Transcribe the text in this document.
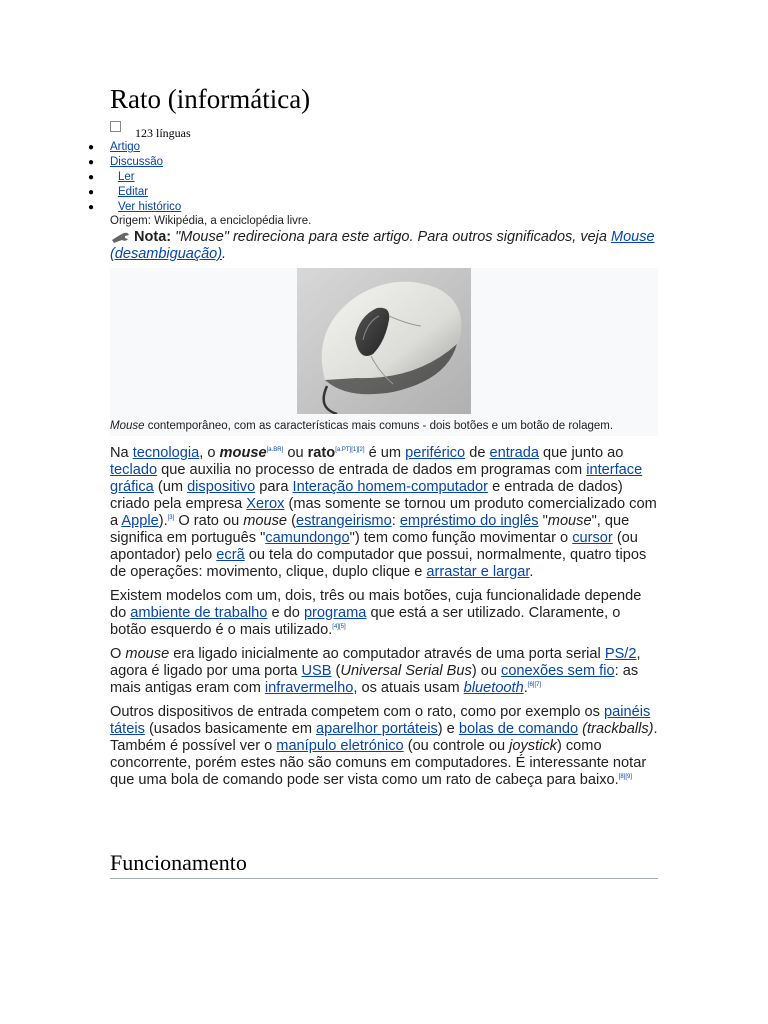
Rato (informática)
123 línguas
● Artigo
● Discussão
● Ler
● Editar
● Ver histórico
Origem: Wikipédia, a enciclopédia livre.
Nota: "Mouse" redireciona para este artigo. Para outros significados, veja Mouse (desambiguação).
Mouse contemporâneo, com as características mais comuns - dois botões e um botão de rolagem.

Na tecnologia, o mouse[a.BR] ou rato[a.PT][1][2] é um periférico de entrada que junto ao teclado que auxilia no processo de entrada de dados em programas com interface gráfica (um dispositivo para Interação homem-computador e entrada de dados) criado pela empresa Xerox (mas somente se tornou um produto comercializado com a Apple).[3] O rato ou mouse (estrangeirismo: empréstimo do inglês "mouse", que significa em português "camundongo") tem como função movimentar o cursor (ou apontador) pelo ecrã ou tela do computador que possui, normalmente, quatro tipos de operações: movimento, clique, duplo clique e arrastar e largar.

Existem modelos com um, dois, três ou mais botões, cuja funcionalidade depende do ambiente de trabalho e do programa que está a ser utilizado. Claramente, o botão esquerdo é o mais utilizado.[4][5]

O mouse era ligado inicialmente ao computador através de uma porta serial PS/2, agora é ligado por uma porta USB (Universal Serial Bus) ou conexões sem fio: as mais antigas eram com infravermelho, os atuais usam bluetooth.[6][7]

Outros dispositivos de entrada competem com o rato, como por exemplo os painéis táteis (usados basicamente em aparelhor portáteis) e bolas de comando (trackballs). Também é possível ver o manípulo eletrónico (ou controle ou joystick) como concorrente, porém estes não são comuns em computadores. É interessante notar que uma bola de comando pode ser vista como um rato de cabeça para baixo.[8][9]

Funcionamento
